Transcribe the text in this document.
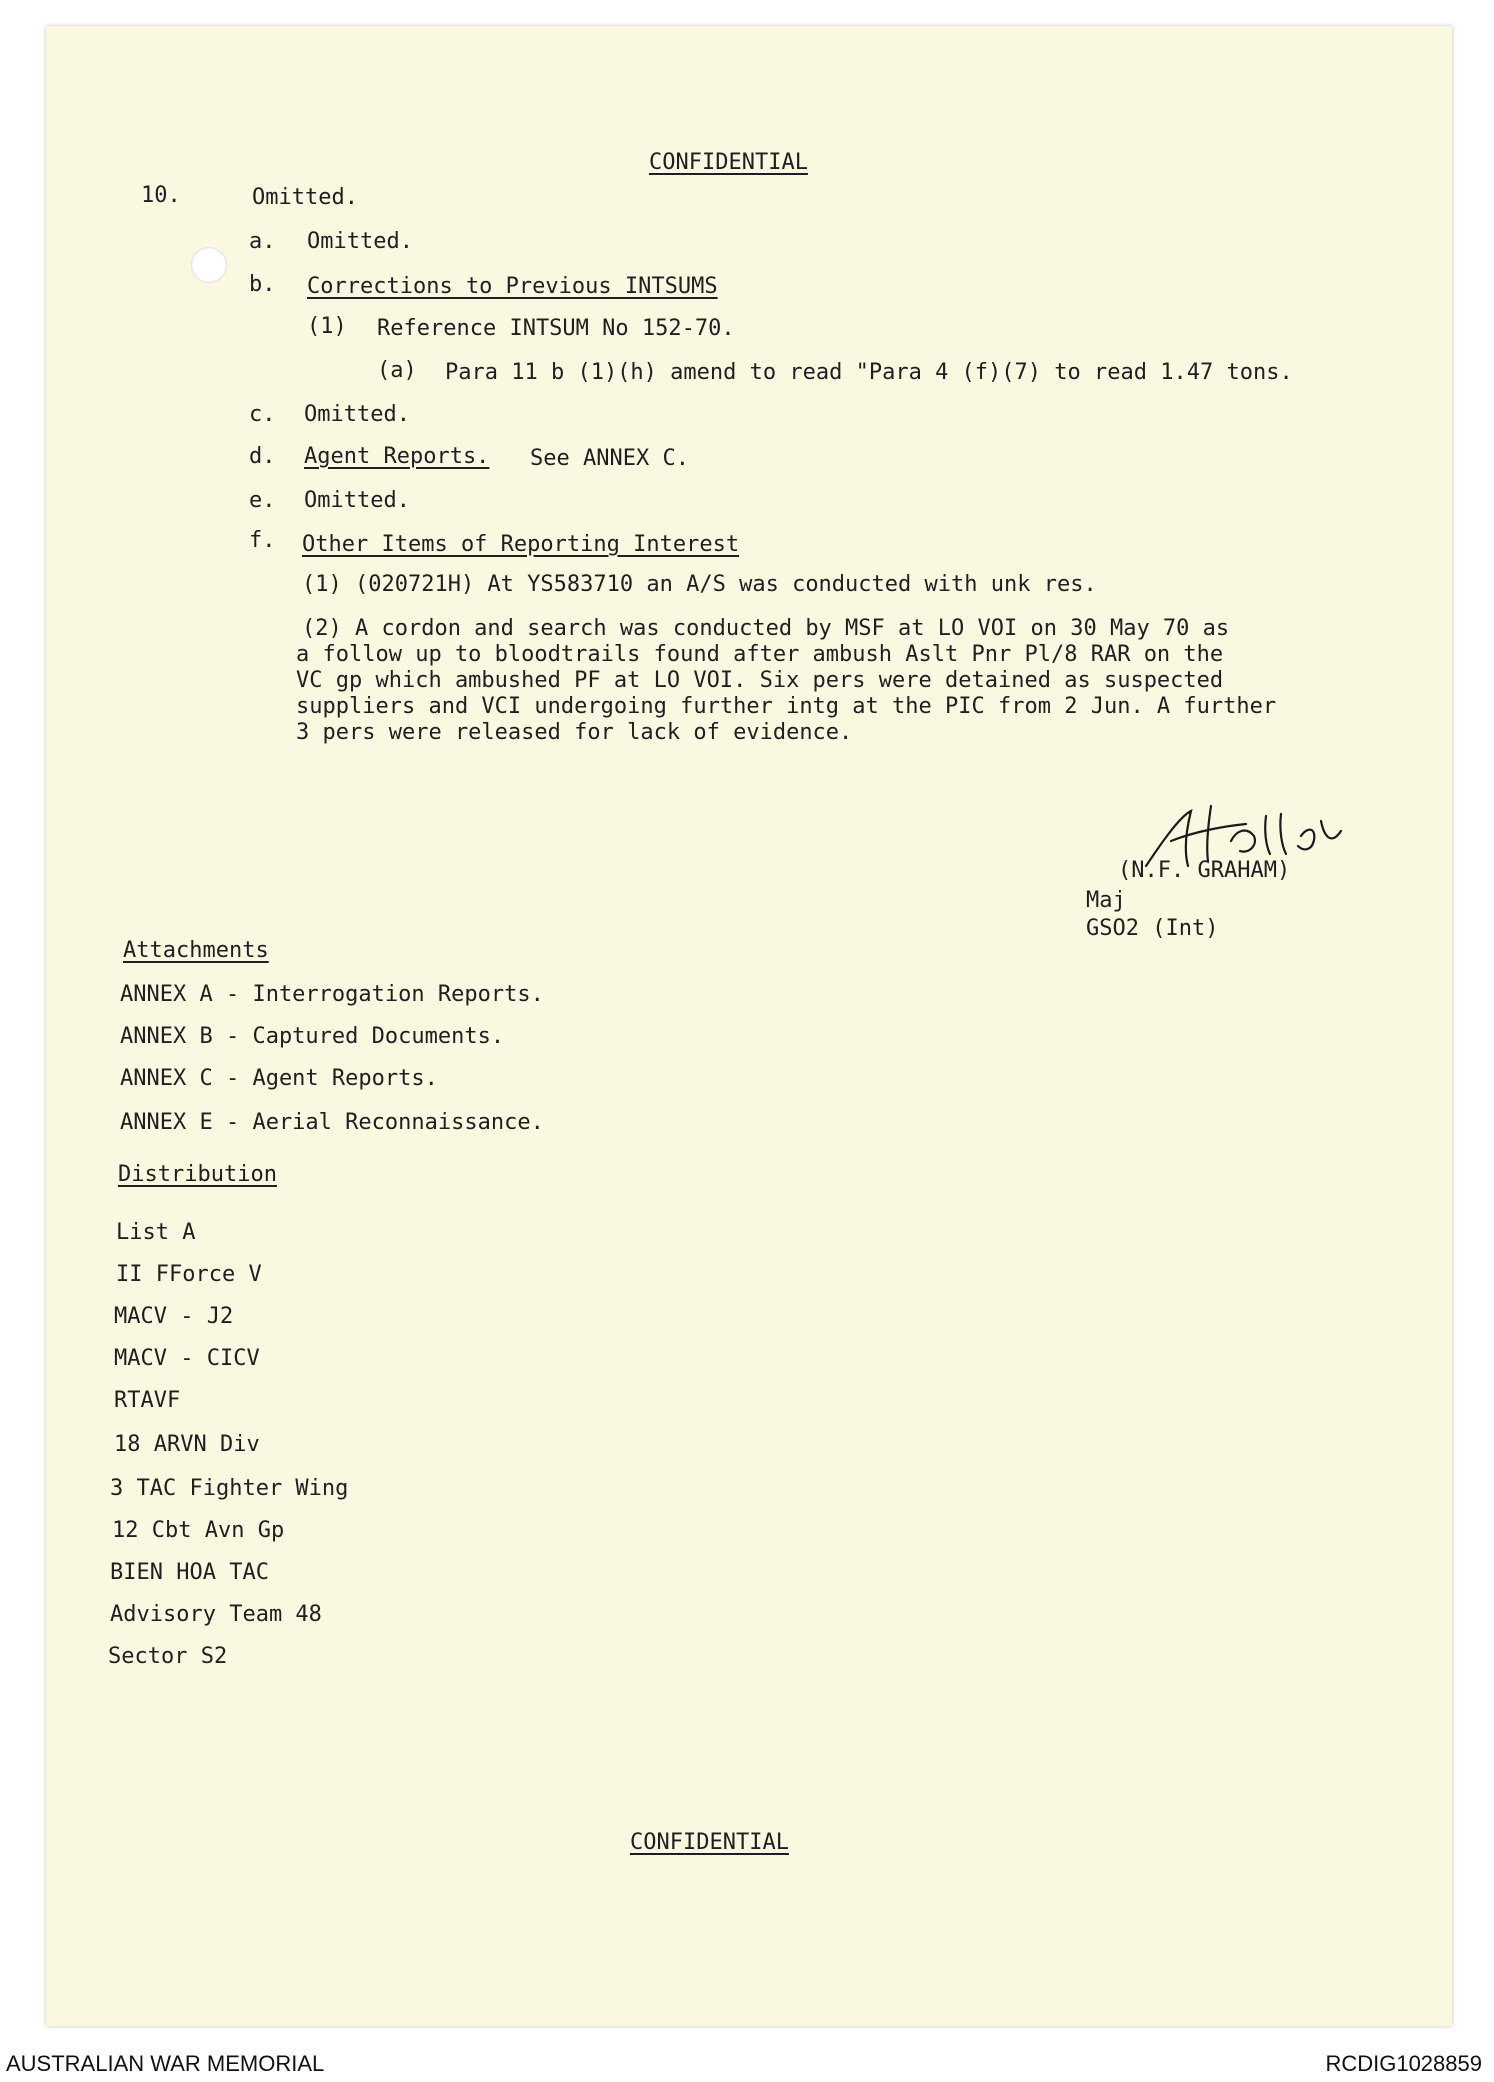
CONFIDENTIAL
10.	Omitted.
a. Omitted.
b. Corrections to Previous INTSUMS
(1) Reference INTSUM No 152-70.
(a) Para 11 b (1)(h) amend to read "Para 4 (f)(7) to read 1.47 tons.
c. Omitted.
d. Agent Reports. See ANNEX C.
e. Omitted.
f. Other Items of Reporting Interest
(1) (020721H) At YS583710 an A/S was conducted with unk res.
(2) A cordon and search was conducted by MSF at LO VOI on 30 May 70 as
a follow up to bloodtrails found after ambush Aslt Pnr Pl/8 RAR on the
VC gp which ambushed PF at LO VOI. Six pers were detained as suspected
suppliers and VCI undergoing further intg at the PIC from 2 Jun. A further
3 pers were released for lack of evidence.
(N.F. GRAHAM)
Maj
GSO2 (Int)
Attachments
ANNEX A - Interrogation Reports.
ANNEX B - Captured Documents.
ANNEX C - Agent Reports.
ANNEX E - Aerial Reconnaissance.
Distribution
List A
II FForce V
MACV - J2
MACV - CICV
RTAVF
18 ARVN Div
3 TAC Fighter Wing
12 Cbt Avn Gp
BIEN HOA TAC
Advisory Team 48
Sector S2
CONFIDENTIAL
AUSTRALIAN WAR MEMORIAL	RCDIG1028859
